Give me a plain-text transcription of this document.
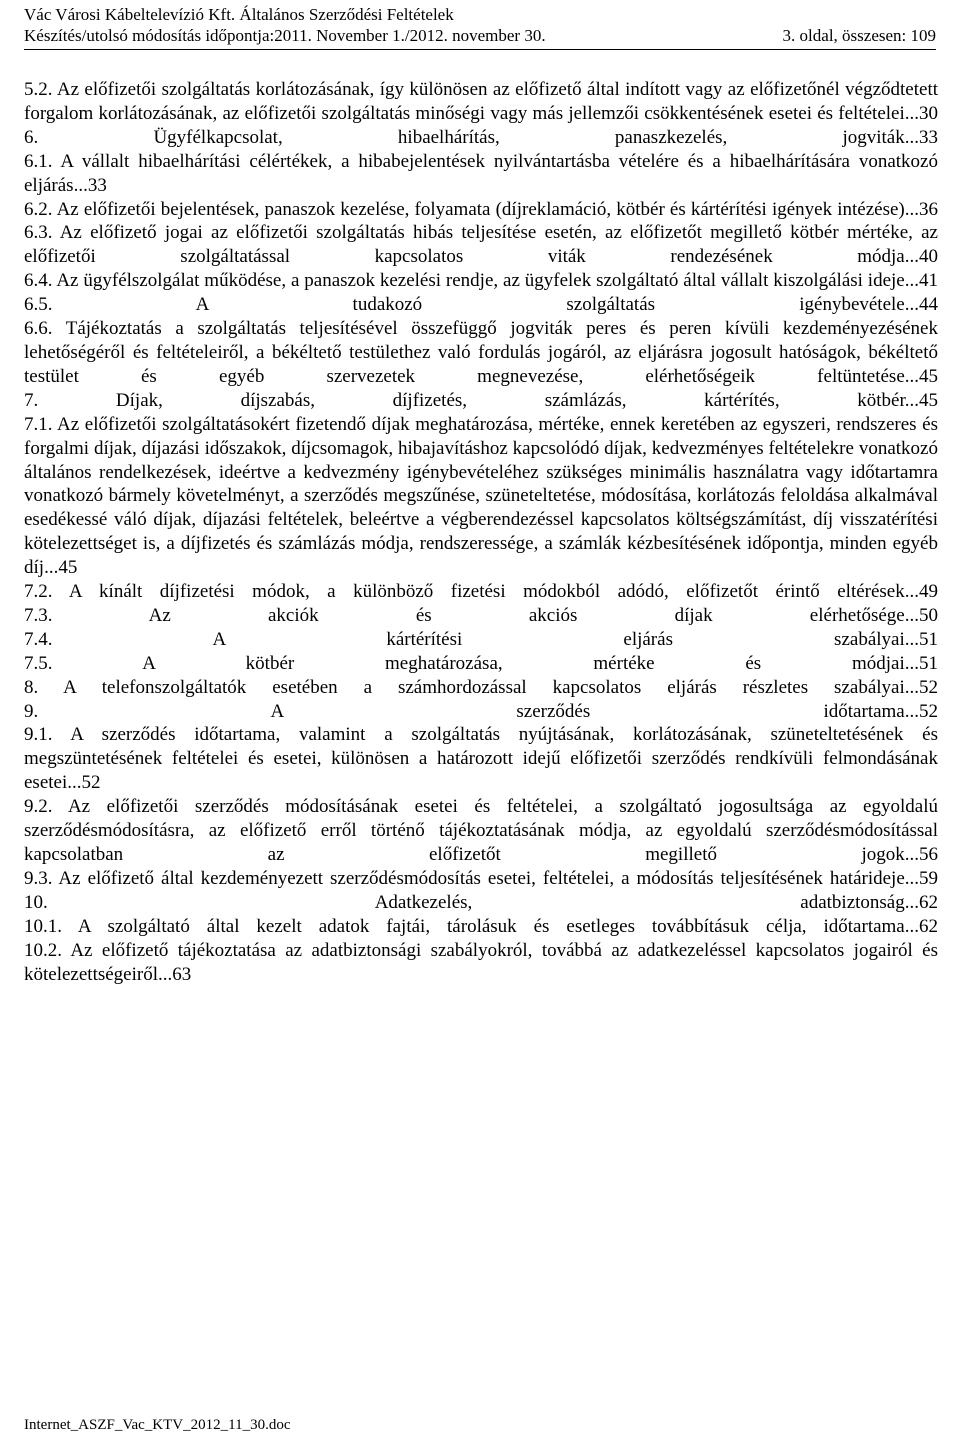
Vác Városi Kábeltelevízió Kft. Általános Szerződési Feltételek
Készítés/utolsó módosítás időpontja:2011. November 1./2012. november 30.	3. oldal, összesen: 109
5.2. Az előfizetői szolgáltatás korlátozásának, így különösen az előfizető által indított vagy az előfizetőnél végződtetett forgalom korlátozásának, az előfizetői szolgáltatás minőségi vagy más jellemzői csökkentésének esetei és feltételei...30
6. Ügyfélkapcsolat, hibaelhárítás, panaszkezelés, jogviták...33
6.1. A vállalt hibaelhárítási célértékek, a hibabejelentések nyilvántartásba vételére és a hibaelhárítására vonatkozó eljárás...33
6.2. Az előfizetői bejelentések, panaszok kezelése, folyamata (díjreklamáció, kötbér és kártérítési igények intézése)...36
6.3. Az előfizető jogai az előfizetői szolgáltatás hibás teljesítése esetén, az előfizetőt megillető kötbér mértéke, az előfizetői szolgáltatással kapcsolatos viták rendezésének módja...40
6.4. Az ügyfélszolgálat működése, a panaszok kezelési rendje, az ügyfelek szolgáltató által vállalt kiszolgálási ideje...41
6.5. A tudakozó szolgáltatás igénybevétele...44
6.6. Tájékoztatás a szolgáltatás teljesítésével összefüggő jogviták peres és peren kívüli kezdeményezésének lehetőségéről és feltételeiről, a békéltető testülethez való fordulás jogáról, az eljárásra jogosult hatóságok, békéltető testület és egyéb szervezetek megnevezése, elérhetőségeik feltüntetése...45
7. Díjak, díjszabás, díjfizetés, számlázás, kártérítés, kötbér...45
7.1. Az előfizetői szolgáltatásokért fizetendő díjak meghatározása, mértéke, ennek keretében az egyszeri, rendszeres és forgalmi díjak, díjazási időszakok, díjcsomagok, hibajavításhoz kapcsolódó díjak, kedvezményes feltételekre vonatkozó általános rendelkezések, ideértve a kedvezmény igénybevételéhez szükséges minimális használatra vagy időtartamra vonatkozó bármely követelményt, a szerződés megszűnése, szüneteltetése, módosítása, korlátozás feloldása alkalmával esedékessé váló díjak, díjazási feltételek, beleértve a végberendezéssel kapcsolatos költségszámítást, díj visszatérítési kötelezettséget is, a díjfizetés és számlázás módja, rendszeressége, a számlák kézbesítésének időpontja, minden egyéb díj...45
7.2. A kínált díjfizetési módok, a különböző fizetési módokból adódó, előfizetőt érintő eltérések...49
7.3. Az akciók és akciós díjak elérhetősége...50
7.4. A kártérítési eljárás szabályai...51
7.5. A kötbér meghatározása, mértéke és módjai...51
8. A telefonszolgáltatók esetében a számhordozással kapcsolatos eljárás részletes szabályai...52
9. A szerződés időtartama...52
9.1. A szerződés időtartama, valamint a szolgáltatás nyújtásának, korlátozásának, szüneteltetésének és megszüntetésének feltételei és esetei, különösen a határozott idejű előfizetői szerződés rendkívüli felmondásának esetei...52
9.2. Az előfizetői szerződés módosításának esetei és feltételei, a szolgáltató jogosultsága az egyoldalú szerződésmódosításra, az előfizető erről történő tájékoztatásának módja, az egyoldalú szerződésmódosítással kapcsolatban az előfizetőt megillető jogok...56
9.3. Az előfizető által kezdeményezett szerződésmódosítás esetei, feltételei, a módosítás teljesítésének határideje...59
10. Adatkezelés, adatbiztonság...62
10.1. A szolgáltató által kezelt adatok fajtái, tárolásuk és esetleges továbbításuk célja, időtartama...62
10.2. Az előfizető tájékoztatása az adatbiztonsági szabályokról, továbbá az adatkezeléssel kapcsolatos jogairól és kötelezettségeiről...63
Internet_ASZF_Vac_KTV_2012_11_30.doc
